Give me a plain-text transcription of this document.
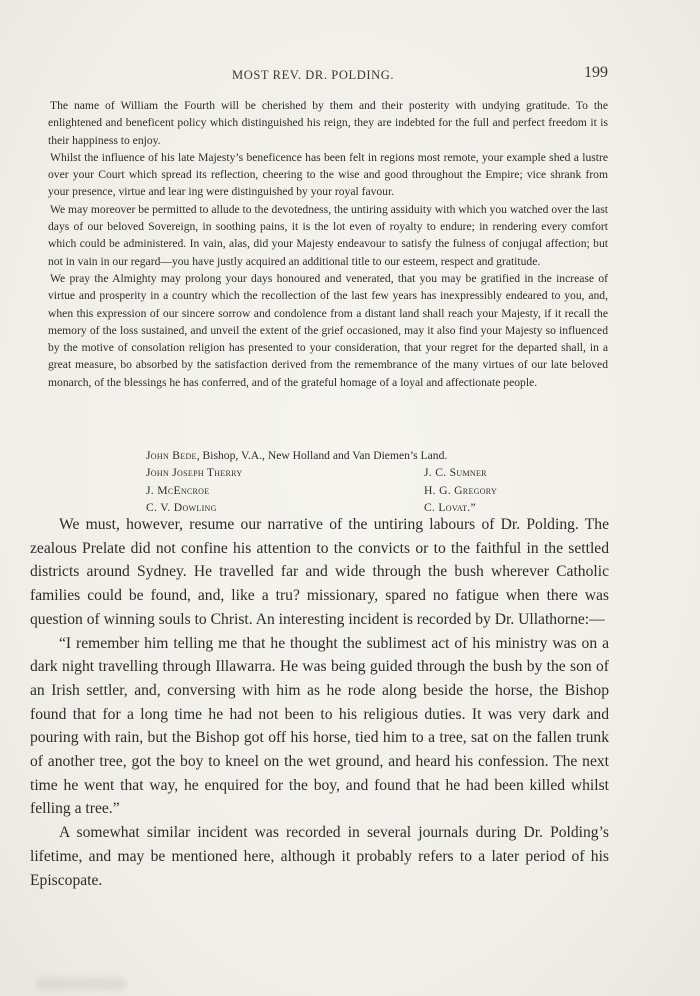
MOST REV. DR. POLDING.	199

The name of William the Fourth will be cherished by them and their posterity with undying gratitude. To the enlightened and beneficent policy which distinguished his reign, they are indebted for the full and perfect freedom it is their happiness to enjoy.

Whilst the influence of his late Majesty’s beneficence has been felt in regions most remote, your example shed a lustre over your Court which spread its reflection, cheering to the wise and good throughout the Empire; vice shrank from your presence, virtue and lear ing were distinguished by your royal favour.

We may moreover be permitted to allude to the devotedness, the untiring assiduity with which you watched over the last days of our beloved Sovereign, in soothing pains, it is the lot even of royalty to endure; in rendering every comfort which could be administered. In vain, alas, did your Majesty endeavour to satisfy the fulness of conjugal affection; but not in vain in our regard—you have justly acquired an additional title to our esteem, respect and gratitude.

We pray the Almighty may prolong your days honoured and venerated, that you may be gratified in the increase of virtue and prosperity in a country which the recollection of the last few years has inexpressibly endeared to you, and, when this expression of our sincere sorrow and condolence from a distant land shall reach your Majesty, if it recall the memory of the loss sustained, and unveil the extent of the grief occasioned, may it also find your Majesty so influenced by the motive of consolation religion has presented to your consideration, that your regret for the departed shall, in a great measure, bo absorbed by the satisfaction derived from the remembrance of the many virtues of our late beloved monarch, of the blessings he has conferred, and of the grateful homage of a loyal and affectionate people.

John Bede, Bishop, V.A., New Holland and Van Diemen’s Land.
John Joseph Therry	J. C. Sumner
J. McEncroe	H. G. Gregory
C. V. Dowling	C. Lovat.”

We must, however, resume our narrative of the untiring labours of Dr. Polding. The zealous Prelate did not confine his attention to the convicts or to the faithful in the settled districts around Sydney. He travelled far and wide through the bush wherever Catholic families could be found, and, like a tru? missionary, spared no fatigue when there was question of winning souls to Christ. An interesting incident is recorded by Dr. Ullathorne:—

“I remember him telling me that he thought the sublimest act of his ministry was on a dark night travelling through Illawarra. He was being guided through the bush by the son of an Irish settler, and, conversing with him as he rode along beside the horse, the Bishop found that for a long time he had not been to his religious duties. It was very dark and pouring with rain, but the Bishop got off his horse, tied him to a tree, sat on the fallen trunk of another tree, got the boy to kneel on the wet ground, and heard his confession. The next time he went that way, he enquired for the boy, and found that he had been killed whilst felling a tree.”

A somewhat similar incident was recorded in several journals during Dr. Polding’s lifetime, and may be mentioned here, although it probably refers to a later period of his Episcopate.
